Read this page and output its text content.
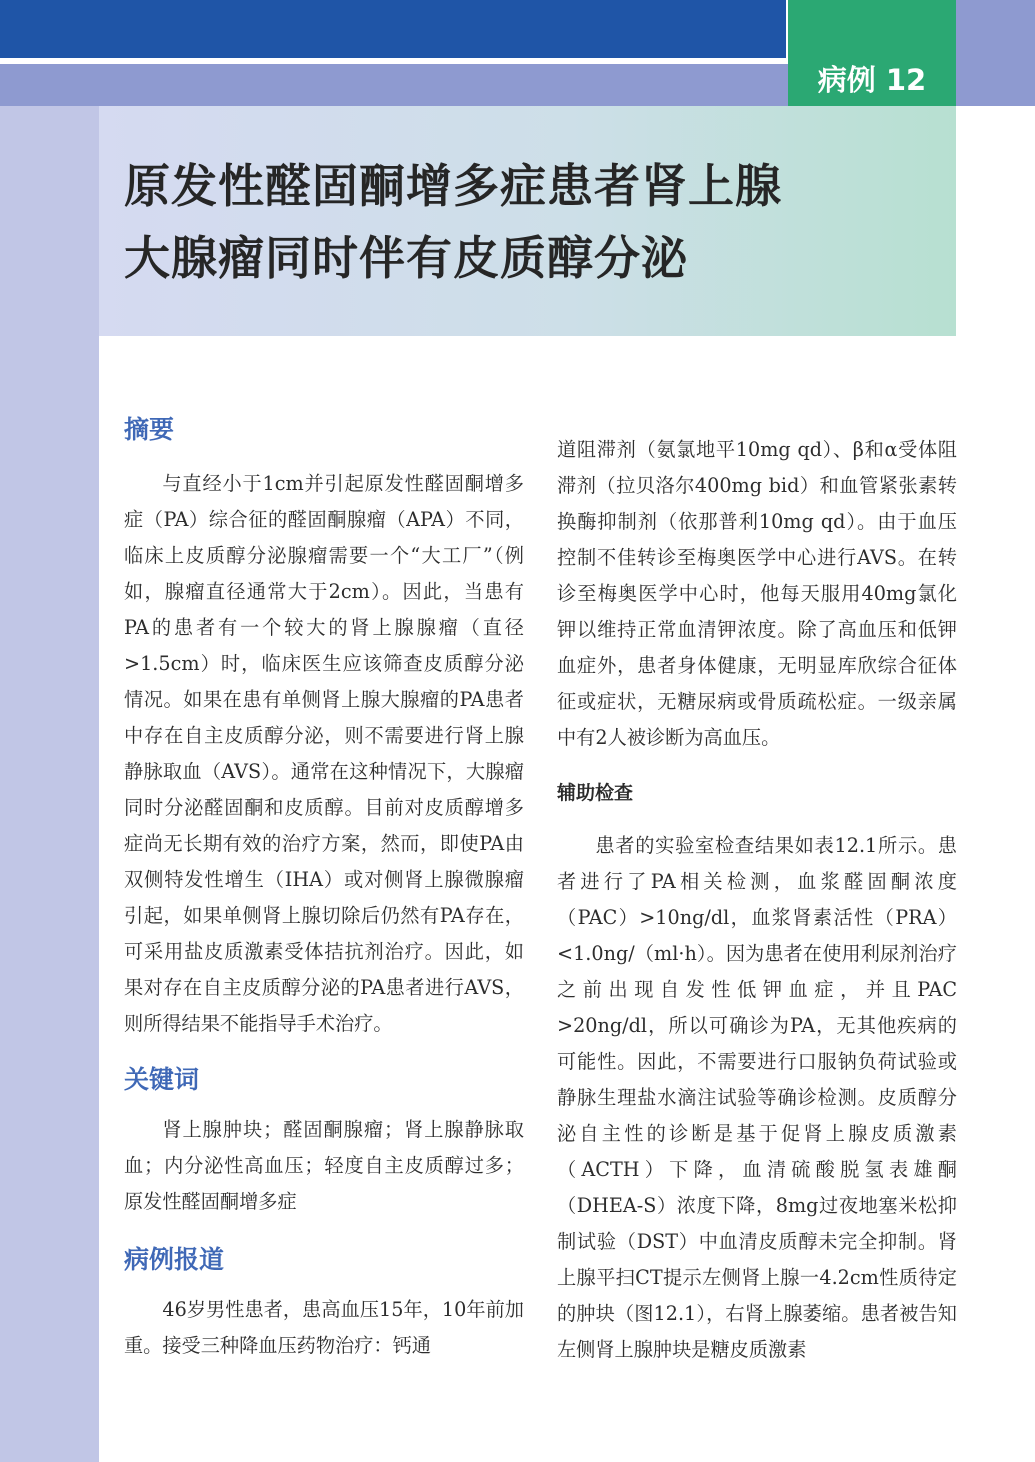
病例 12
原发性醛固酮增多症患者肾上腺
大腺瘤同时伴有皮质醇分泌
摘要

与直经小于1cm并引起原发性醛固酮增多症（PA）综合征的醛固酮腺瘤（APA）不同，临床上皮质醇分泌腺瘤需要一个“大工厂”（例如，腺瘤直径通常大于2cm）。因此，当患有PA的患者有一个较大的肾上腺腺瘤（直径>1.5cm）时，临床医生应该筛查皮质醇分泌情况。如果在患有单侧肾上腺大腺瘤的PA患者中存在自主皮质醇分泌，则不需要进行肾上腺静脉取血（AVS）。通常在这种情况下，大腺瘤同时分泌醛固酮和皮质醇。目前对皮质醇增多症尚无长期有效的治疗方案，然而，即使PA由双侧特发性增生（IHA）或对侧肾上腺微腺瘤引起，如果单侧肾上腺切除后仍然有PA存在，可采用盐皮质激素受体拮抗剂治疗。因此，如果对存在自主皮质醇分泌的PA患者进行AVS，则所得结果不能指导手术治疗。

关键词

肾上腺肿块；醛固酮腺瘤；肾上腺静脉取血；内分泌性高血压；轻度自主皮质醇过多；原发性醛固酮增多症

病例报道

46岁男性患者，患高血压15年，10年前加重。接受三种降血压药物治疗：钙通

道阻滞剂（氨氯地平10mg qd）、β和α受体阻滞剂（拉贝洛尔400mg bid）和血管紧张素转换酶抑制剂（依那普利10mg qd）。由于血压控制不佳转诊至梅奥医学中心进行AVS。在转诊至梅奥医学中心时，他每天服用40mg氯化钾以维持正常血清钾浓度。除了高血压和低钾血症外，患者身体健康，无明显库欣综合征体征或症状，无糖尿病或骨质疏松症。一级亲属中有2人被诊断为高血压。

辅助检查

患者的实验室检查结果如表12.1所示。患者进行了PA相关检测，血浆醛固酮浓度（PAC）>10ng/dl，血浆肾素活性（PRA）<1.0ng/（ml·h）。因为患者在使用利尿剂治疗之前出现自发性低钾血症，并且PAC >20ng/dl，所以可确诊为PA，无其他疾病的可能性。因此，不需要进行口服钠负荷试验或静脉生理盐水滴注试验等确诊检测。皮质醇分泌自主性的诊断是基于促肾上腺皮质激素（ACTH）下降，血清硫酸脱氢表雄酮（DHEA-S）浓度下降，8mg过夜地塞米松抑制试验（DST）中血清皮质醇未完全抑制。肾上腺平扫CT提示左侧肾上腺一4.2cm性质待定的肿块（图12.1），右肾上腺萎缩。患者被告知左侧肾上腺肿块是糖皮质激素
